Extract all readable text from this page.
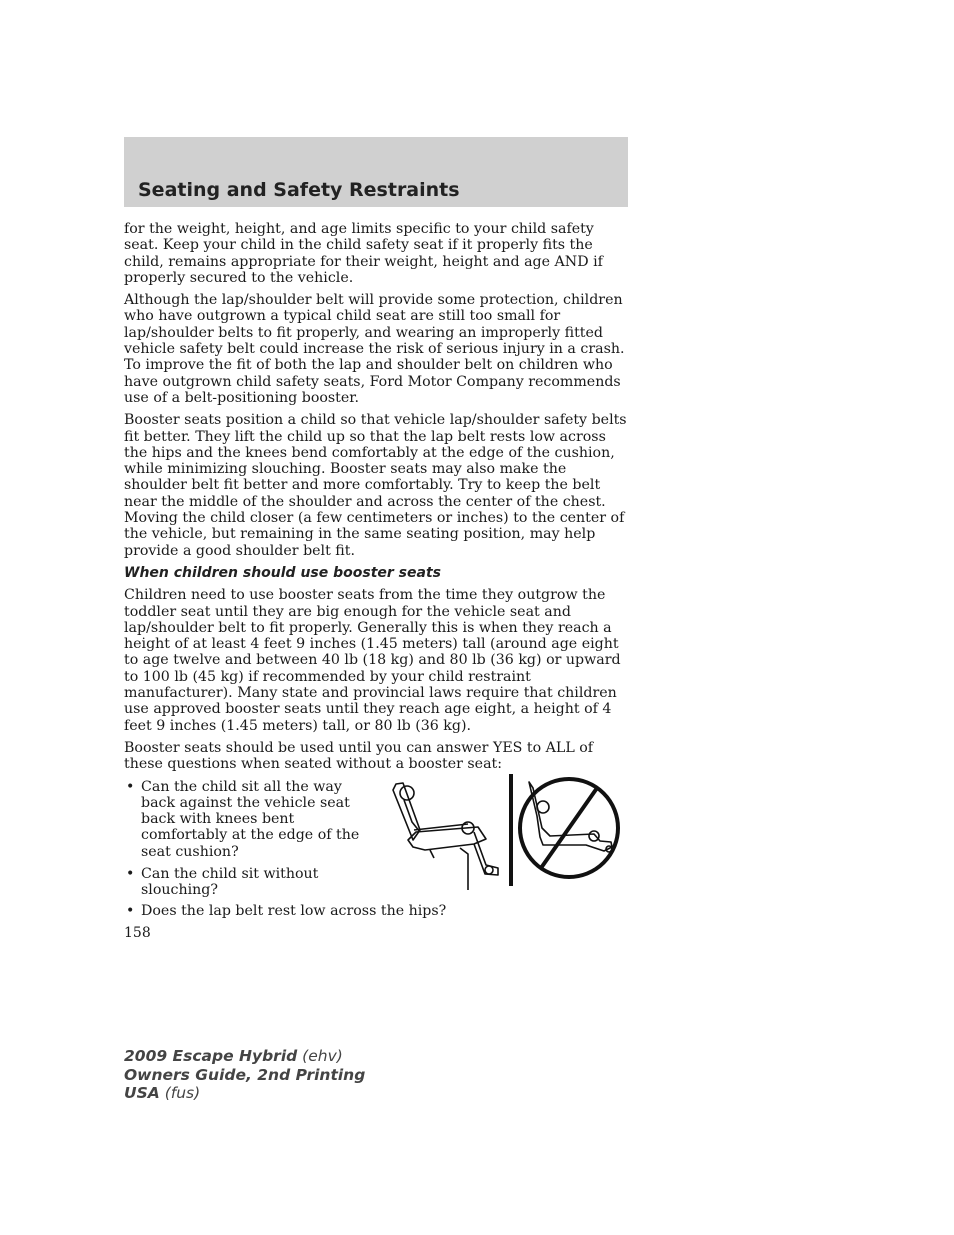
Seating and Safety Restraints

for the weight, height, and age limits specific to your child safety seat. Keep your child in the child safety seat if it properly fits the child, remains appropriate for their weight, height and age AND if properly secured to the vehicle.

Although the lap/shoulder belt will provide some protection, children who have outgrown a typical child seat are still too small for lap/shoulder belts to fit properly, and wearing an improperly fitted vehicle safety belt could increase the risk of serious injury in a crash. To improve the fit of both the lap and shoulder belt on children who have outgrown child safety seats, Ford Motor Company recommends use of a belt-positioning booster.

Booster seats position a child so that vehicle lap/shoulder safety belts fit better. They lift the child up so that the lap belt rests low across the hips and the knees bend comfortably at the edge of the cushion, while minimizing slouching. Booster seats may also make the shoulder belt fit better and more comfortably. Try to keep the belt near the middle of the shoulder and across the center of the chest. Moving the child closer (a few centimeters or inches) to the center of the vehicle, but remaining in the same seating position, may help provide a good shoulder belt fit.

When children should use booster seats

Children need to use booster seats from the time they outgrow the toddler seat until they are big enough for the vehicle seat and lap/shoulder belt to fit properly. Generally this is when they reach a height of at least 4 feet 9 inches (1.45 meters) tall (around age eight to age twelve and between 40 lb (18 kg) and 80 lb (36 kg) or upward to 100 lb (45 kg) if recommended by your child restraint manufacturer). Many state and provincial laws require that children use approved booster seats until they reach age eight, a height of 4 feet 9 inches (1.45 meters) tall, or 80 lb (36 kg).

Booster seats should be used until you can answer YES to ALL of these questions when seated without a booster seat:

• Can the child sit all the way back against the vehicle seat back with knees bent comfortably at the edge of the seat cushion?
• Can the child sit without slouching?
• Does the lap belt rest low across the hips?
158
2009 Escape Hybrid (ehv)
Owners Guide, 2nd Printing
USA (fus)
